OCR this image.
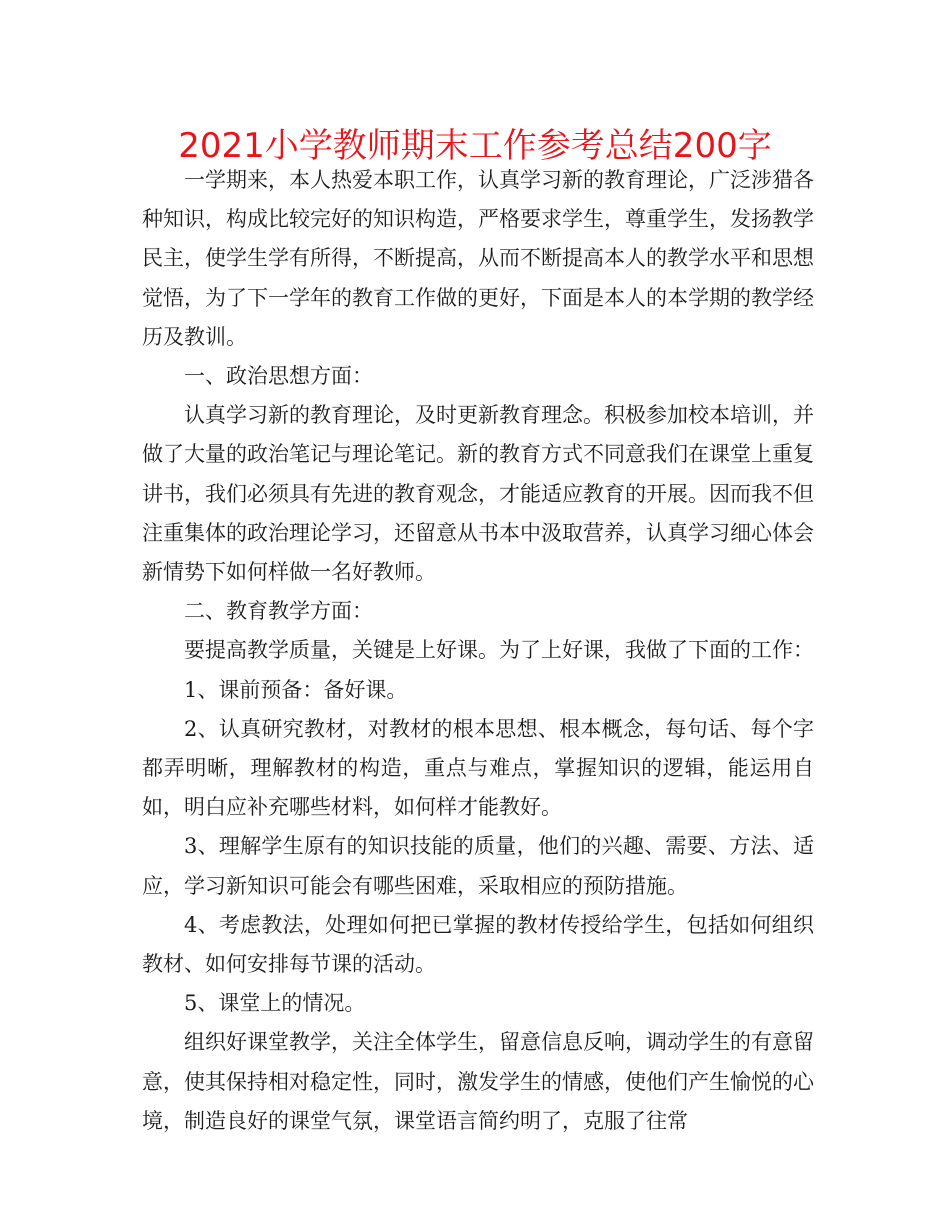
2021小学教师期末工作参考总结200字

一学期来，本人热爱本职工作，认真学习新的教育理论，广泛涉猎各种知识，构成比较完好的知识构造，严格要求学生，尊重学生，发扬教学民主，使学生学有所得，不断提高，从而不断提高本人的教学水平和思想觉悟，为了下一学年的教育工作做的更好，下面是本人的本学期的教学经历及教训。

一、政治思想方面：

认真学习新的教育理论，及时更新教育理念。积极参加校本培训，并做了大量的政治笔记与理论笔记。新的教育方式不同意我们在课堂上重复讲书，我们必须具有先进的教育观念，才能适应教育的开展。因而我不但注重集体的政治理论学习，还留意从书本中汲取营养，认真学习细心体会新情势下如何样做一名好教师。

二、教育教学方面：

要提高教学质量，关键是上好课。为了上好课，我做了下面的工作：

1、课前预备：备好课。

2、认真研究教材，对教材的根本思想、根本概念，每句话、每个字都弄明晰，理解教材的构造，重点与难点，掌握知识的逻辑，能运用自如，明白应补充哪些材料，如何样才能教好。

3、理解学生原有的知识技能的质量，他们的兴趣、需要、方法、适应，学习新知识可能会有哪些困难，采取相应的预防措施。

4、考虑教法，处理如何把已掌握的教材传授给学生，包括如何组织教材、如何安排每节课的活动。

5、课堂上的情况。

组织好课堂教学，关注全体学生，留意信息反响，调动学生的有意留意，使其保持相对稳定性，同时，激发学生的情感，使他们产生愉悦的心境，制造良好的课堂气氛，课堂语言简约明了，克服了往常
